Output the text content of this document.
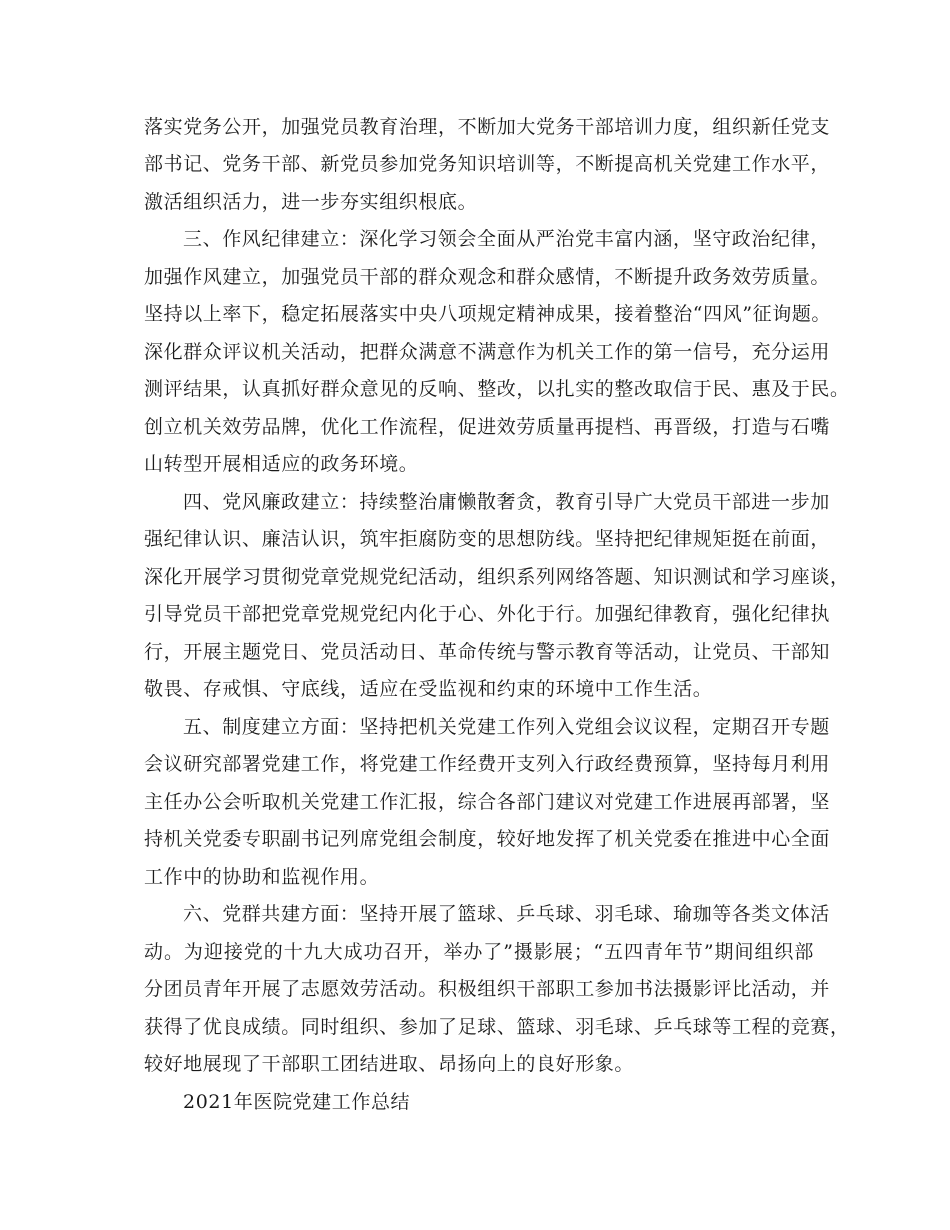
落实党务公开，加强党员教育治理，不断加大党务干部培训力度，组织新任党支
部书记、党务干部、新党员参加党务知识培训等，不断提高机关党建工作水平，
激活组织活力，进一步夯实组织根底。
三、作风纪律建立：深化学习领会全面从严治党丰富内涵，坚守政治纪律，
加强作风建立，加强党员干部的群众观念和群众感情，不断提升政务效劳质量。
坚持以上率下，稳定拓展落实中央八项规定精神成果，接着整治“四风”征询题。
深化群众评议机关活动，把群众满意不满意作为机关工作的第一信号，充分运用
测评结果，认真抓好群众意见的反响、整改，以扎实的整改取信于民、惠及于民。
创立机关效劳品牌，优化工作流程，促进效劳质量再提档、再晋级，打造与石嘴
山转型开展相适应的政务环境。
四、党风廉政建立：持续整治庸懒散奢贪，教育引导广大党员干部进一步加
强纪律认识、廉洁认识，筑牢拒腐防变的思想防线。坚持把纪律规矩挺在前面，
深化开展学习贯彻党章党规党纪活动，组织系列网络答题、知识测试和学习座谈，
引导党员干部把党章党规党纪内化于心、外化于行。加强纪律教育，强化纪律执
行，开展主题党日、党员活动日、革命传统与警示教育等活动，让党员、干部知
敬畏、存戒惧、守底线，适应在受监视和约束的环境中工作生活。
五、制度建立方面：坚持把机关党建工作列入党组会议议程，定期召开专题
会议研究部署党建工作，将党建工作经费开支列入行政经费预算，坚持每月利用
主任办公会听取机关党建工作汇报，综合各部门建议对党建工作进展再部署，坚
持机关党委专职副书记列席党组会制度，较好地发挥了机关党委在推进中心全面
工作中的协助和监视作用。
六、党群共建方面：坚持开展了篮球、乒乓球、羽毛球、瑜珈等各类文体活
动。为迎接党的十九大成功召开，举办了”摄影展；“五四青年节”期间组织部
分团员青年开展了志愿效劳活动。积极组织干部职工参加书法摄影评比活动，并
获得了优良成绩。同时组织、参加了足球、篮球、羽毛球、乒乓球等工程的竞赛，
较好地展现了干部职工团结进取、昂扬向上的良好形象。
2021年医院党建工作总结
